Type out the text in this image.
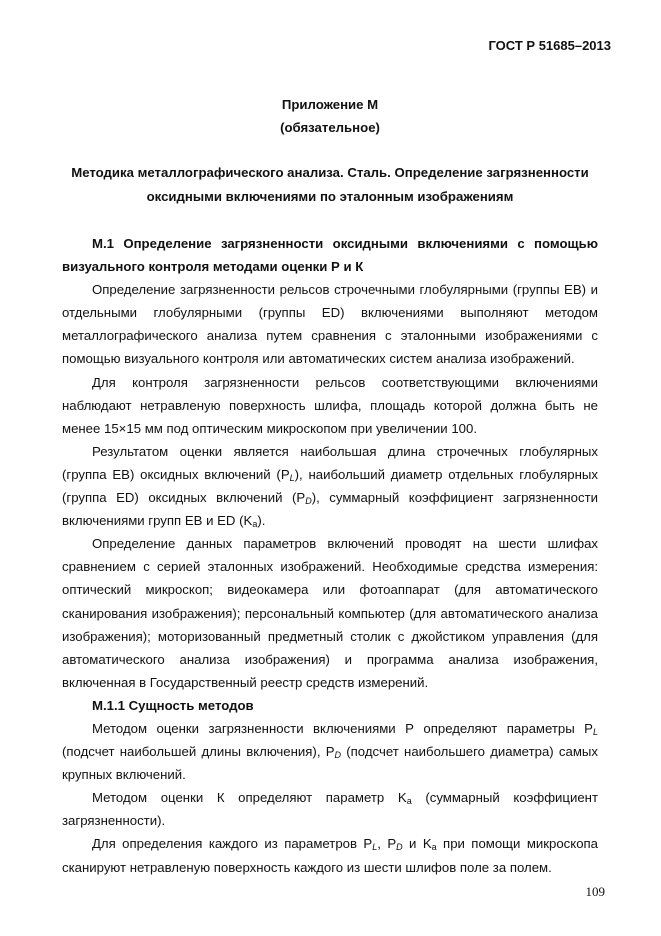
ГОСТ Р 51685–2013
Приложение М
(обязательное)
Методика металлографического анализа. Сталь. Определение загрязненности
оксидными включениями по эталонным изображениям

М.1 Определение загрязненности оксидными включениями с помощью визуального контроля методами оценки Р и К

Определение загрязненности рельсов строчечными глобулярными (группы ЕВ) и отдельными глобулярными (группы ED) включениями выполняют методом металлографического анализа путем сравнения с эталонными изображениями с помощью визуального контроля или автоматических систем анализа изображений.

Для контроля загрязненности рельсов соответствующими включениями наблюдают нетравленую поверхность шлифа, площадь которой должна быть не менее 15×15 мм под оптическим микроскопом при увеличении 100.

Результатом оценки является наибольшая длина строчечных глобулярных (группа ЕВ) оксидных включений $(P_L)$, наибольший диаметр отдельных глобулярных (группа ED) оксидных включений $(P_D)$, суммарный коэффициент загрязненности включениями групп ЕВ и ED $(K_a)$.

Определение данных параметров включений проводят на шести шлифах сравнением с серией эталонных изображений. Необходимые средства измерения: оптический микроскоп; видеокамера или фотоаппарат (для автоматического сканирования изображения); персональный компьютер (для автоматического анализа изображения); моторизованный предметный столик с джойстиком управления (для автоматического анализа изображения) и программа анализа изображения, включенная в Государственный реестр средств измерений.

М.1.1 Сущность методов

Методом оценки загрязненности включениями Р определяют параметры $P_L$ (подсчет наибольшей длины включения), $P_D$ (подсчет наибольшего диаметра) самых крупных включений.

Методом оценки К определяют параметр $K_a$ (суммарный коэффициент загрязненности).

Для определения каждого из параметров $P_L$, $P_D$ и $K_a$ при помощи микроскопа сканируют нетравленую поверхность каждого из шести шлифов поле за полем.

109
